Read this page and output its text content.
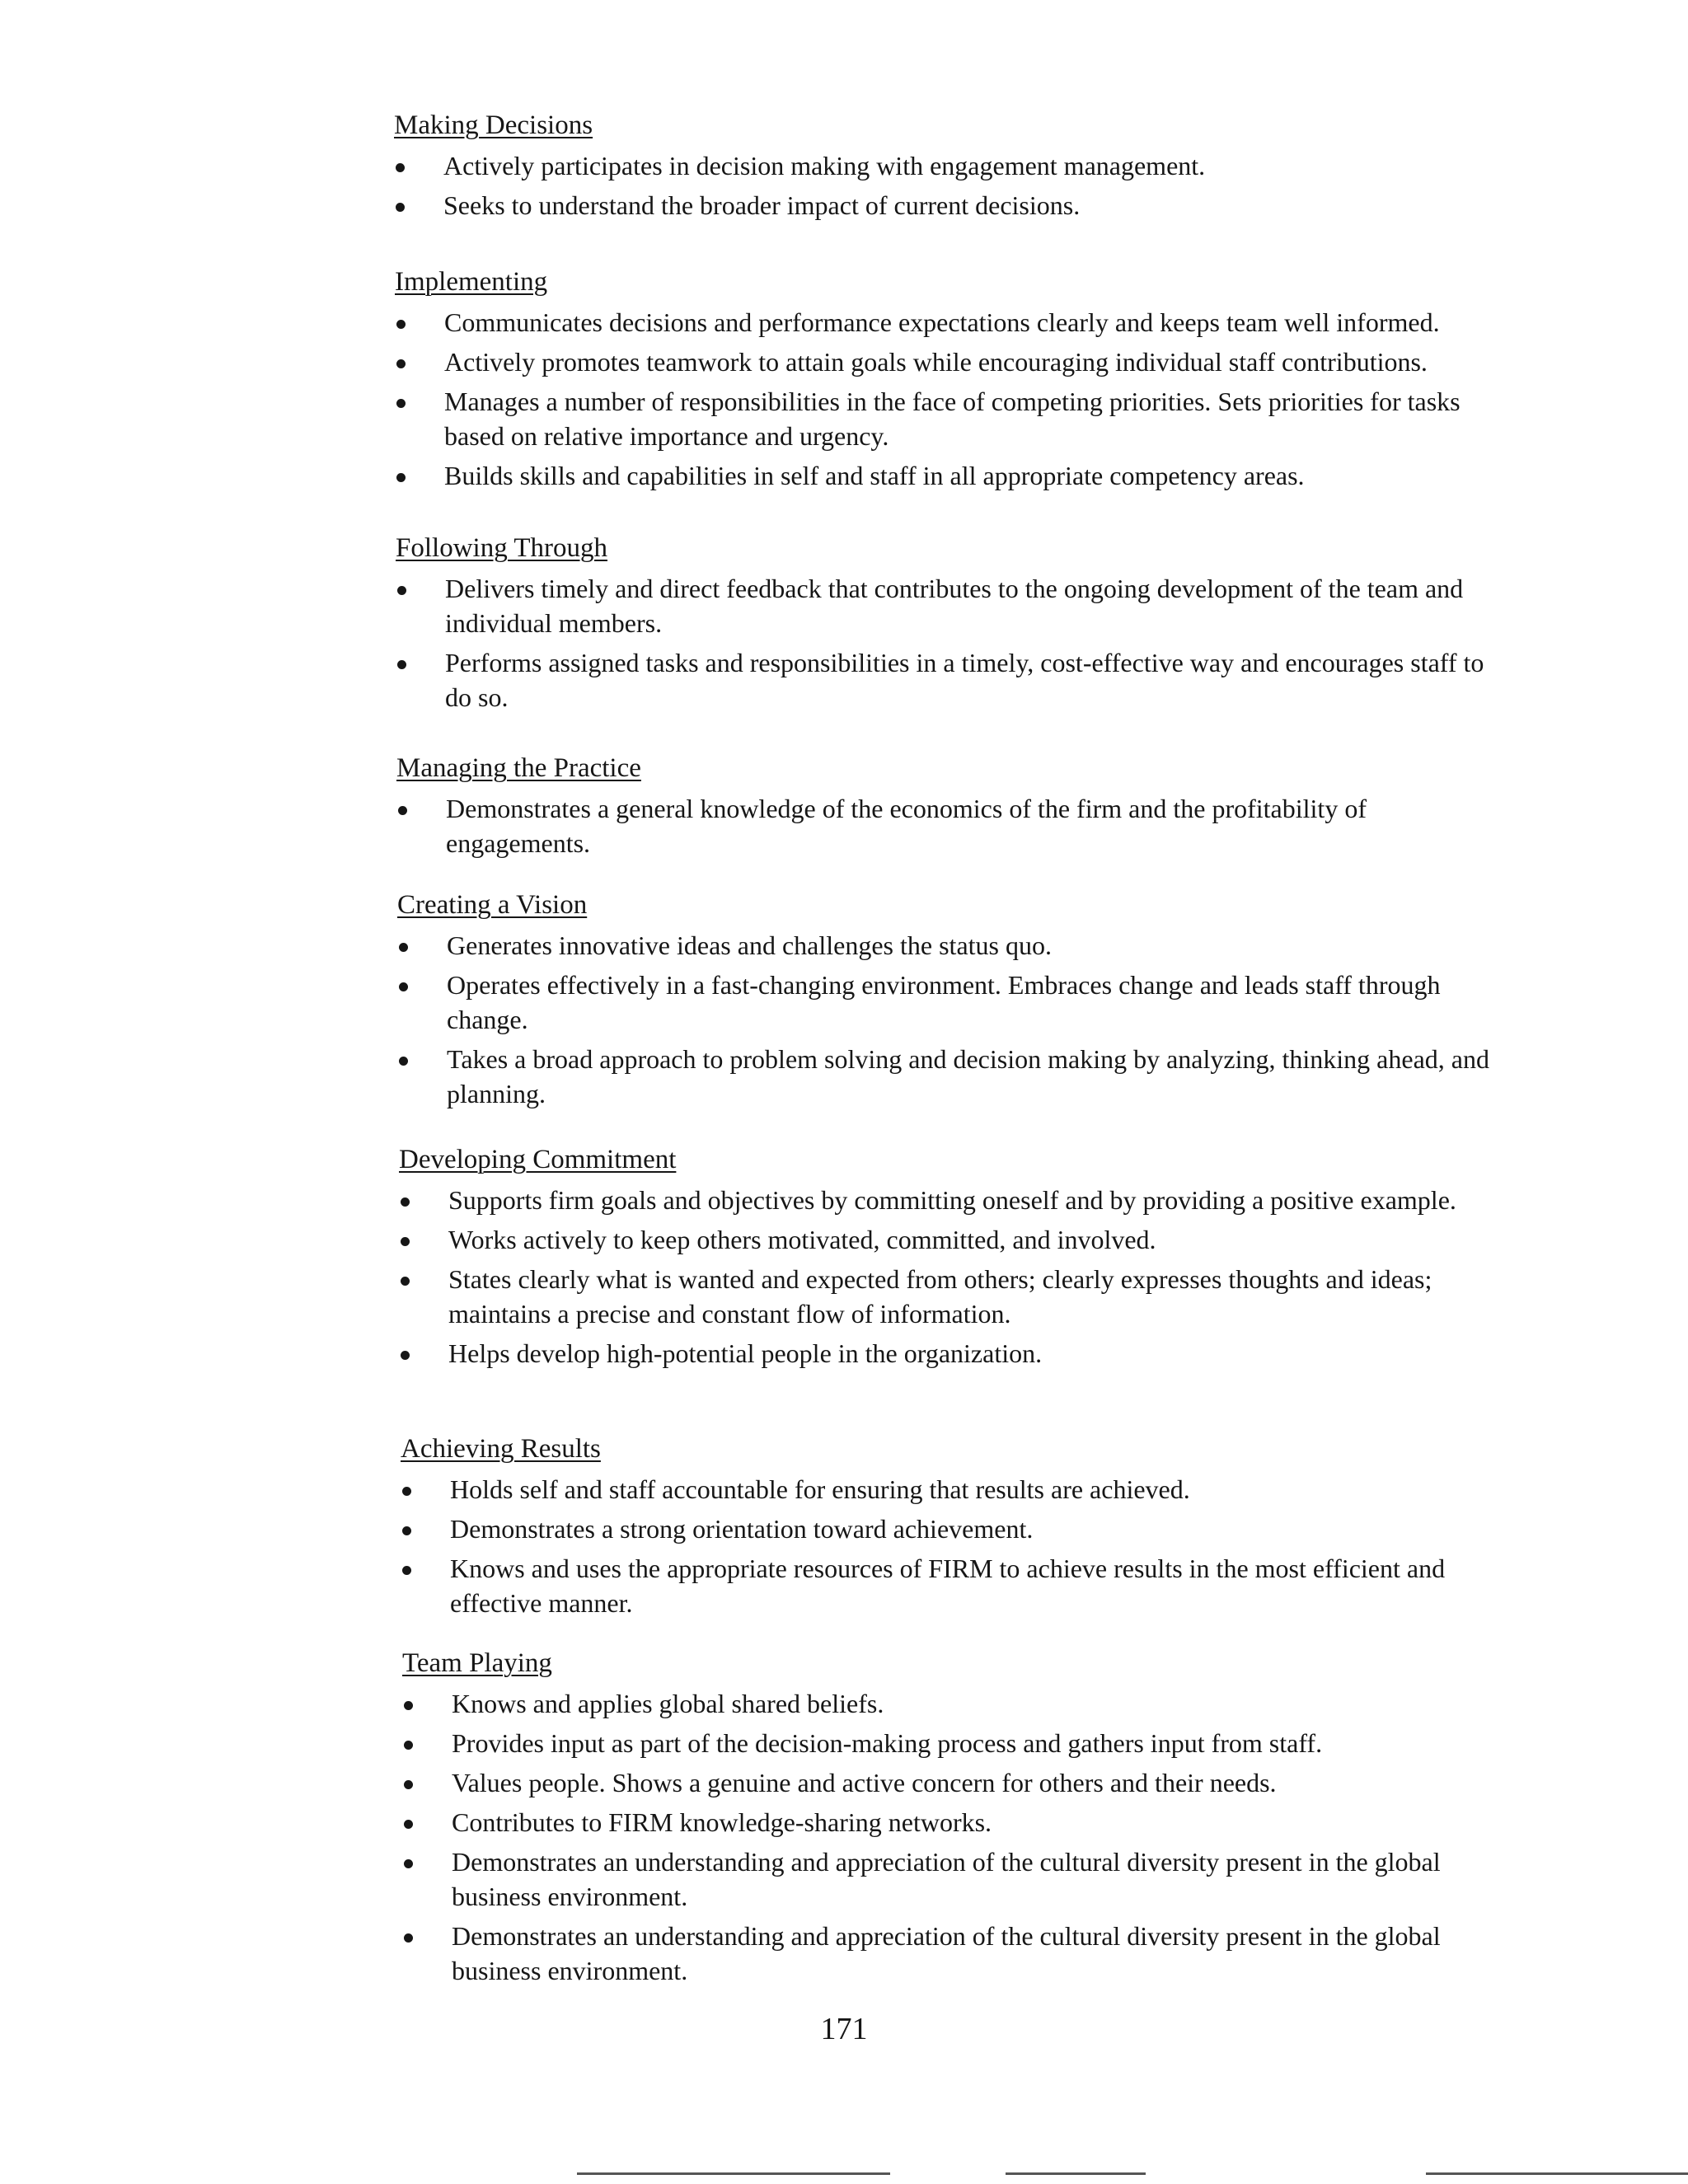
Making Decisions
Actively participates in decision making with engagement management.
Seeks to understand the broader impact of current decisions.
Implementing
Communicates decisions and performance expectations clearly and keeps team well informed.
Actively promotes teamwork to attain goals while encouraging individual staff contributions.
Manages a number of responsibilities in the face of competing priorities. Sets priorities for tasks based on relative importance and urgency.
Builds skills and capabilities in self and staff in all appropriate competency areas.
Following Through
Delivers timely and direct feedback that contributes to the ongoing development of the team and individual members.
Performs assigned tasks and responsibilities in a timely, cost-effective way and encourages staff to do so.
Managing the Practice
Demonstrates a general knowledge of the economics of the firm and the profitability of engagements.
Creating a Vision
Generates innovative ideas and challenges the status quo.
Operates effectively in a fast-changing environment. Embraces change and leads staff through change.
Takes a broad approach to problem solving and decision making by analyzing, thinking ahead, and planning.
Developing Commitment
Supports firm goals and objectives by committing oneself and by providing a positive example.
Works actively to keep others motivated, committed, and involved.
States clearly what is wanted and expected from others; clearly expresses thoughts and ideas; maintains a precise and constant flow of information.
Helps develop high-potential people in the organization.
Achieving Results
Holds self and staff accountable for ensuring that results are achieved.
Demonstrates a strong orientation toward achievement.
Knows and uses the appropriate resources of FIRM to achieve results in the most efficient and effective manner.
Team Playing
Knows and applies global shared beliefs.
Provides input as part of the decision-making process and gathers input from staff.
Values people. Shows a genuine and active concern for others and their needs.
Contributes to FIRM knowledge-sharing networks.
Demonstrates an understanding and appreciation of the cultural diversity present in the global business environment.
Demonstrates an understanding and appreciation of the cultural diversity present in the global business environment.
171
